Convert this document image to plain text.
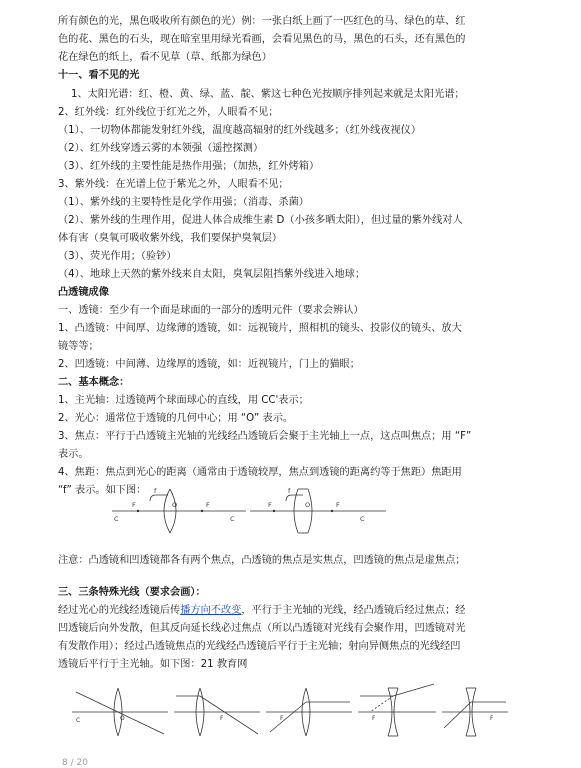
所有颜色的光，黑色吸收所有颜色的光）例：一张白纸上画了一匹红色的马、绿色的草、红
色的花、黑色的石头，现在暗室里用绿光看画，会看见黑色的马，黑色的石头，还有黑色的
花在绿色的纸上，看不见草（草、纸都为绿色）
十一、看不见的光
1、太阳光谱：红、橙、黄、绿、蓝、靛、紫这七种色光按顺序排列起来就是太阳光谱；
2、红外线：红外线位于红光之外，人眼看不见；
（1）、一切物体都能发射红外线，温度越高辐射的红外线越多；（红外线夜视仪）
（2）、红外线穿透云雾的本领强（遥控探测）
（3）、红外线的主要性能是热作用强；（加热，红外烤箱）
3、紫外线：在光谱上位于紫光之外，人眼看不见；
（1）、紫外线的主要特性是化学作用强；（消毒、杀菌）
（2）、紫外线的生理作用，促进人体合成维生素 D（小孩多晒太阳），但过量的紫外线对人
体有害（臭氧可吸收紫外线，我们要保护臭氧层）
（3）、荧光作用；（验钞）
（4）、地球上天然的紫外线来自太阳，臭氧层阻挡紫外线进入地球；
凸透镜成像
一、透镜：至少有一个面是球面的一部分的透明元件（要求会辨认）
1、凸透镜：中间厚、边缘薄的透镜，如：远视镜片，照相机的镜头、投影仪的镜头、放大
镜等等；
2、凹透镜：中间薄、边缘厚的透镜，如：近视镜片，门上的猫眼；
二、基本概念：
1、主光轴：过透镜两个球面球心的直线，用 CC'表示；
2、光心：通常位于透镜的几何中心；用 “O” 表示。
3、焦点：平行于凸透镜主光轴的光线经凸透镜后会聚于主光轴上一点，这点叫焦点；用 “F”
表示。
4、焦距：焦点到光心的距离（通常由于透镜较厚，焦点到透镜的距离约等于焦距）焦距用
“f” 表示。如下图：
F
C
f
O	F
C
F
f
O	F
C
注意：凸透镜和凹透镜都各有两个焦点，凸透镜的焦点是实焦点，凹透镜的焦点是虚焦点；
三、三条特殊光线（要求会画）：
经过光心的光线经透镜后传播方向不改变，平行于主光轴的光线，经凸透镜后经过焦点；经
凹透镜后向外发散，但其反向延长线必过焦点（所以凸透镜对光线有会聚作用，凹透镜对光
有发散作用）；经过凸透镜焦点的光线经凸透镜后平行于主光轴；射向异侧焦点的光线经凹
透镜后平行于主光轴。如下图：21 教育网
C	O	F	F	F	F
8 / 20
